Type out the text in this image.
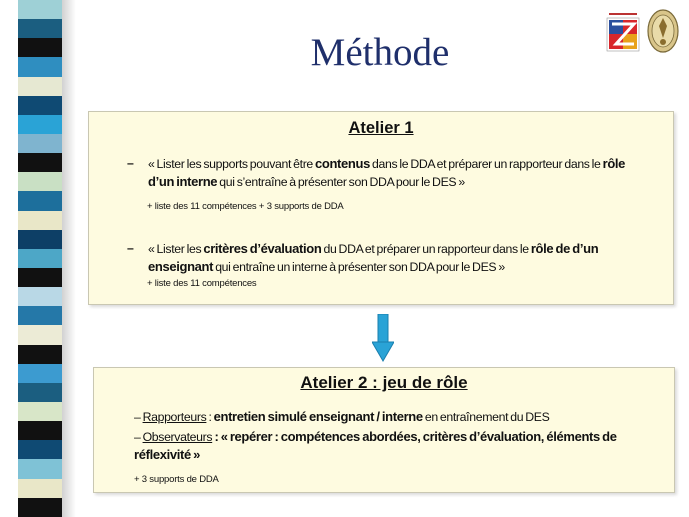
Méthode
Atelier 1
–	« Lister les supports pouvant être contenus dans le DDA et préparer un rapporteur dans le rôle d’un interne qui s’entraîne à présenter son DDA pour le DES »
+ liste des 11 compétences + 3 supports de DDA
–	« Lister les critères d’évaluation du DDA et préparer un rapporteur dans le rôle de d’un enseignant qui entraîne un interne à présenter son DDA pour le DES »
+ liste des 11 compétences
Atelier 2 : jeu de rôle
– Rapporteurs : entretien simulé enseignant / interne en entraînement du DES
– Observateurs : « repérer : compétences abordées, critères d’évaluation, éléments de réflexivité »
+ 3 supports de DDA
